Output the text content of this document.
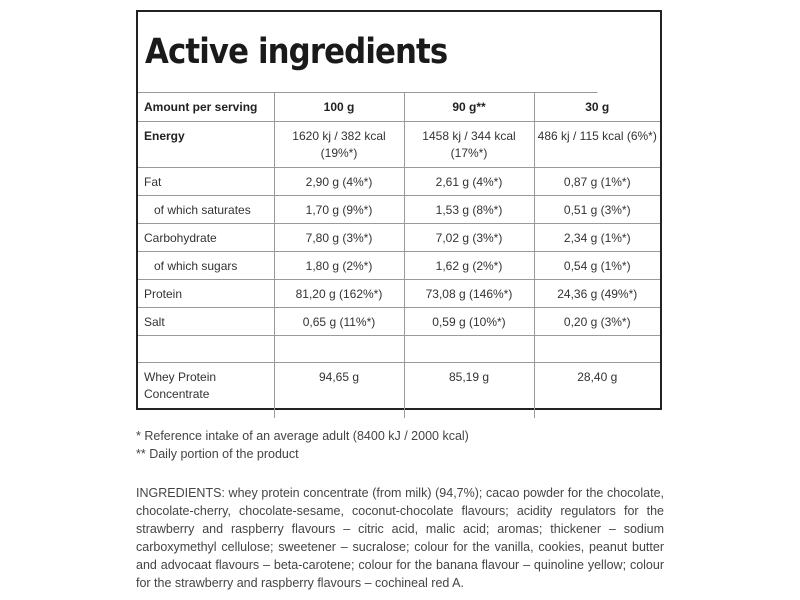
Active ingredients
Amount per serving	100 g	90 g**	30 g
Energy	1620 kj / 382 kcal (19%*)	1458 kj / 344 kcal (17%*)	486 kj / 115 kcal (6%*)
Fat	2,90 g (4%*)	2,61 g (4%*)	0,87 g (1%*)
of which saturates	1,70 g (9%*)	1,53 g (8%*)	0,51 g (3%*)
Carbohydrate	7,80 g (3%*)	7,02 g (3%*)	2,34 g (1%*)
of which sugars	1,80 g (2%*)	1,62 g (2%*)	0,54 g (1%*)
Protein	81,20 g (162%*)	73,08 g (146%*)	24,36 g (49%*)
Salt	0,65 g (11%*)	0,59 g (10%*)	0,20 g (3%*)

Whey Protein Concentrate	94,65 g	85,19 g	28,40 g
* Reference intake of an average adult (8400 kJ / 2000 kcal)
** Daily portion of the product
INGREDIENTS: whey protein concentrate (from milk) (94,7%); cacao powder for the chocolate, chocolate-cherry, chocolate-sesame, coconut-chocolate flavours; acidity regulators for the strawberry and raspberry flavours – citric acid, malic acid; aromas; thickener – sodium carboxymethyl cellulose; sweetener – sucralose; colour for the vanilla, cookies, peanut butter and advocaat flavours – beta-carotene; colour for the banana flavour – quinoline yellow; colour for the strawberry and raspberry flavours – cochineal red A.
